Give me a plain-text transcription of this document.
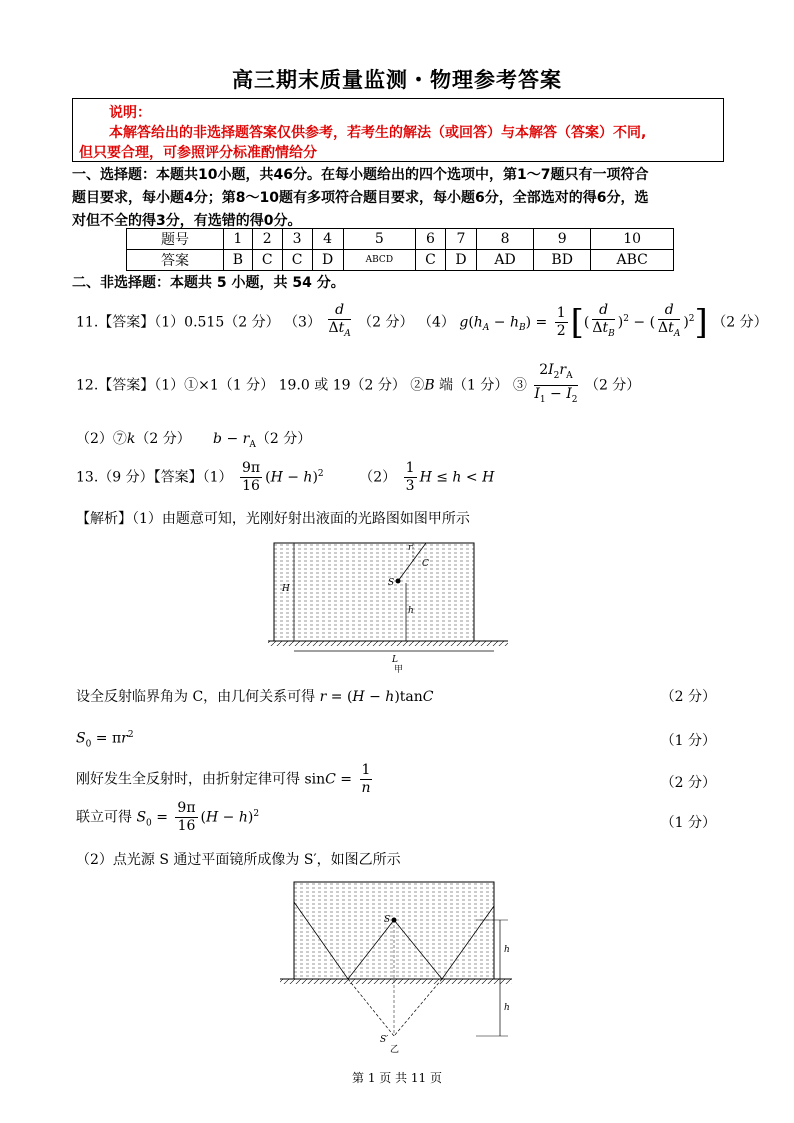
高三期末质量监测・物理参考答案
说明：
本解答给出的非选择题答案仅供参考，若考生的解法（或回答）与本解答（答案）不同,
但只要合理，可参照评分标准酌情给分
一、选择题：本题共10小题，共46分。在每小题给出的四个选项中，第1～7题只有一项符合
题目要求，每小题4分；第8～10题有多项符合题目要求，每小题6分，全部选对的得6分，选
对但不全的得3分，有选错的得0分。
题号	1	2	3	4	5	6	7	8	9	10
答案	B	C	C	D	ABCD	C	D	AD	BD	ABC
二、非选择题：本题共 5 小题，共 54 分。
11.【答案】（1）0.515（2 分） $(3) \frac{d}{\Delta t_A} (2$ 分） （4） $g(h_A - h_B) = \frac{1}{2}$ [( $\frac{d}{\Delta t_B} )^2$ − ( $\frac{d}{\Delta t_A} )^2$] （2 分）
12.【答案】（1）①×1（1 分） 19.0 或 19（2 分） ②B 端（1 分） ③ $\frac{2I_2r_A}{I_1 - I_2} (2$ 分）
（2）⑦k（2 分） $b - r_A(2$ 分）
13.（9 分）【答案】$(1) \frac{9\pi}{16} (H - h)^2$	$(2) \frac{1}{3}$ H ≤ h < H
【解析】（1）由题意可知，光刚好射出液面的光路图如图甲所示
H
h
S
r
C
L
甲
设全反射临界角为 C，由几何关系可得 r = (H − h)tanC	（2 分）
$S_0 = \pi r^2$	（1 分）
刚好发生全反射时，由折射定律可得 $\sin C = \frac{1}{n}$	（2 分）
联立可得 $S_0 = \frac{9\pi}{16} (H - h)^2$
（1 分）
（2）点光源 S 通过平面镜所成像为 S′，如图乙所示
h
h
S
S′
乙
第 1 页 共 11 页
